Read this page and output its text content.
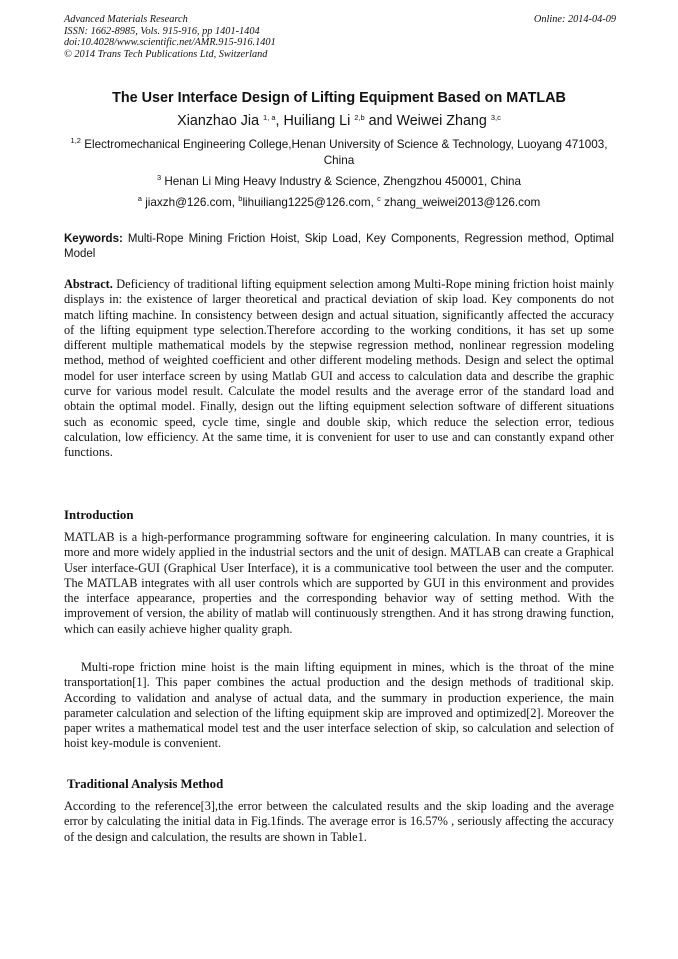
Advanced Materials Research
ISSN: 1662-8985, Vols. 915-916, pp 1401-1404
doi:10.4028/www.scientific.net/AMR.915-916.1401
© 2014 Trans Tech Publications Ltd, Switzerland
Online: 2014-04-09
The User Interface Design of Lifting Equipment Based on MATLAB
Xianzhao Jia $^{1, a}$, Huiliang Li $^{2,b}$ and Weiwei Zhang $^{3,c}$
$^{1,2}$ Electromechanical Engineering College,Henan University of Science & Technology, Luoyang 471003, China
$^3$ Henan Li Ming Heavy Industry & Science, Zhengzhou 450001, China
$^a$ jiaxzh@126.com, $^b$lihuiliang1225@126.com, $^c$ zhang_weiwei2013@126.com
Keywords: Multi-Rope Mining Friction Hoist, Skip Load, Key Components, Regression method, Optimal Model
Abstract. Deficiency of traditional lifting equipment selection among Multi-Rope mining friction hoist mainly displays in: the existence of larger theoretical and practical deviation of skip load. Key components do not match lifting machine. In consistency between design and actual situation, significantly affected the accuracy of the lifting equipment type selection.Therefore according to the working conditions, it has set up some different multiple mathematical models by the stepwise regression method, nonlinear regression modeling method, method of weighted coefficient and other different modeling methods. Design and select the optimal model for user interface screen by using Matlab GUI and access to calculation data and describe the graphic curve for various model result. Calculate the model results and the average error of the standard load and obtain the optimal model. Finally, design out the lifting equipment selection software of different situations such as economic speed, cycle time, single and double skip, which reduce the selection error, tedious calculation, low efficiency. At the same time, it is convenient for user to use and can constantly expand other functions.
Introduction
MATLAB is a high-performance programming software for engineering calculation. In many countries, it is more and more widely applied in the industrial sectors and the unit of design. MATLAB can create a Graphical User interface-GUI (Graphical User Interface), it is a communicative tool between the user and the computer. The MATLAB integrates with all user controls which are supported by GUI in this environment and provides the interface appearance, properties and the corresponding behavior way of setting method. With the improvement of version, the ability of matlab will continuously strengthen. And it has strong drawing function, which can easily achieve higher quality graph.
Multi-rope friction mine hoist is the main lifting equipment in mines, which is the throat of the mine transportation[1]. This paper combines the actual production and the design methods of traditional skip. According to validation and analyse of actual data, and the summary in production experience, the main parameter calculation and selection of the lifting equipment skip are improved and optimized[2]. Moreover the paper writes a mathematical model test and the user interface selection of skip, so calculation and selection of hoist key-module is convenient.
Traditional Analysis Method
According to the reference[3],the error between the calculated results and the skip loading and the average error by calculating the initial data in Fig.1finds. The average error is 16.57% , seriously affecting the accuracy of the design and calculation, the results are shown in Table1.
